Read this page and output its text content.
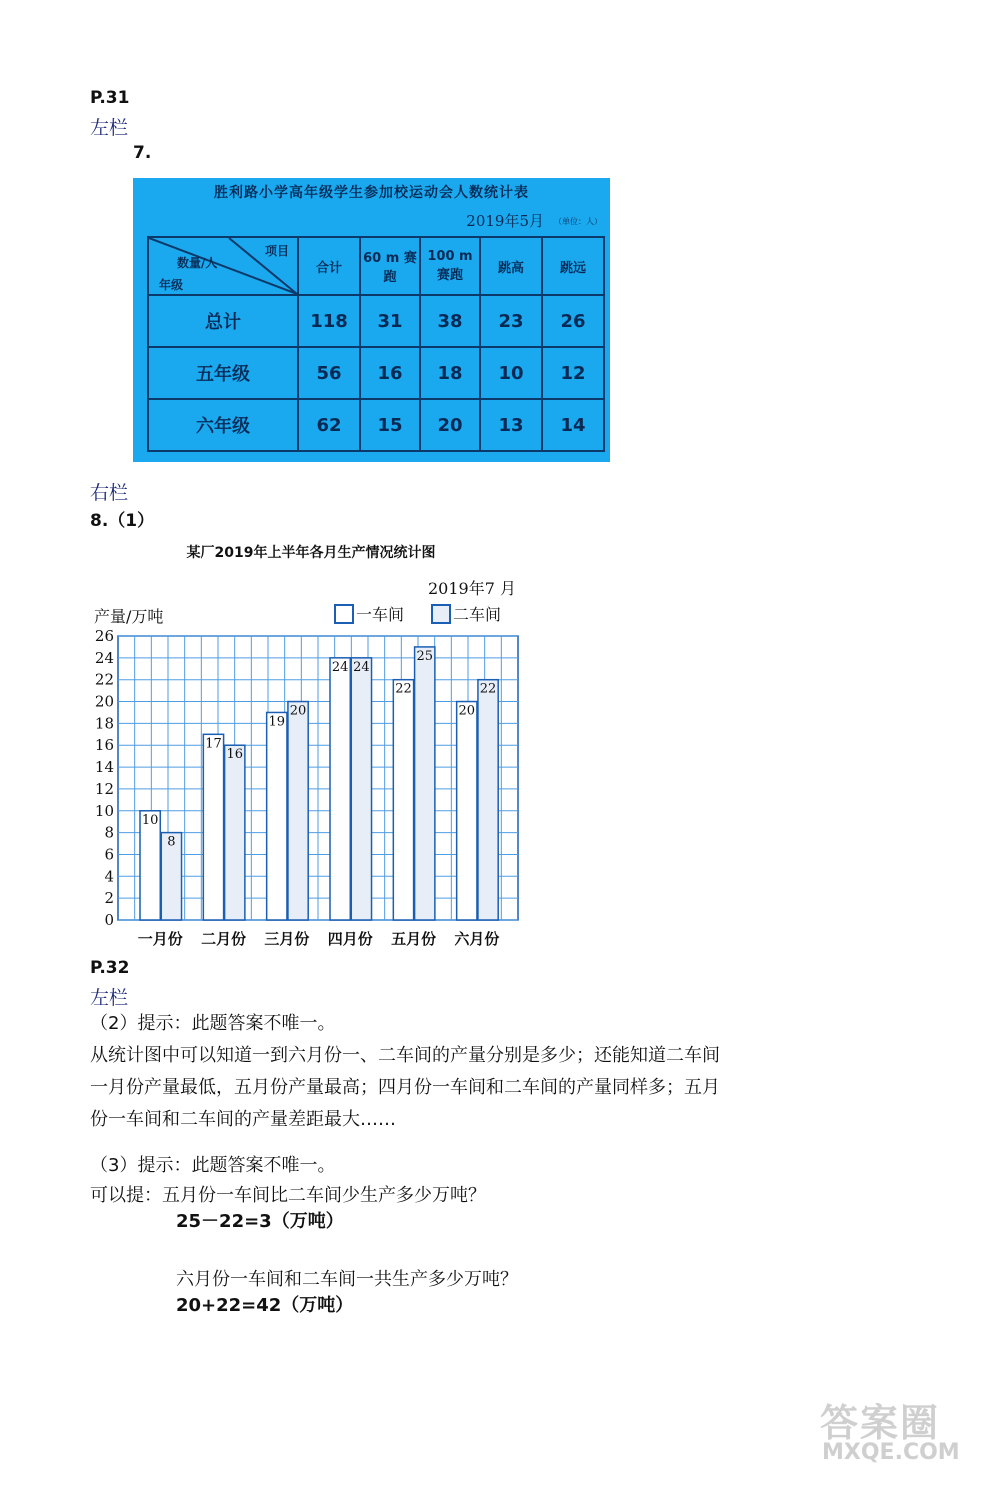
P.31
左栏
7.
胜利路小学高年级学生参加校运动会人数统计表
2019年5月 （单位：人）
项目
数量/人
年级	合计	60 m 赛跑	100 m 赛跑	跳高	跳远
总计	118	31	38	23	26
五年级	56	16	18	10	12
六年级	62	15	20	13	14
右栏
8.（1）
某厂2019年上半年各月生产情况统计图
2019年7 月
产量/万吨	一车间	二车间
0
2
4
6
8
10
12
14
16
18
20
22
24
26
10
8
一月份
17
16
二月份
19
20
三月份
24 24
四月份
22
25
五月份
20
22
六月份
P.32
左栏
（2）提示：此题答案不唯一。
从统计图中可以知道一到六月份一、二车间的产量分别是多少；还能知道二车间
一月份产量最低，五月份产量最高；四月份一车间和二车间的产量同样多；五月
份一车间和二车间的产量差距最大……
（3）提示：此题答案不唯一。
可以提：五月份一车间比二车间少生产多少万吨？
25－22=3（万吨）
六月份一车间和二车间一共生产多少万吨？
20+22=42（万吨）
答案圈
MXQE.COM
